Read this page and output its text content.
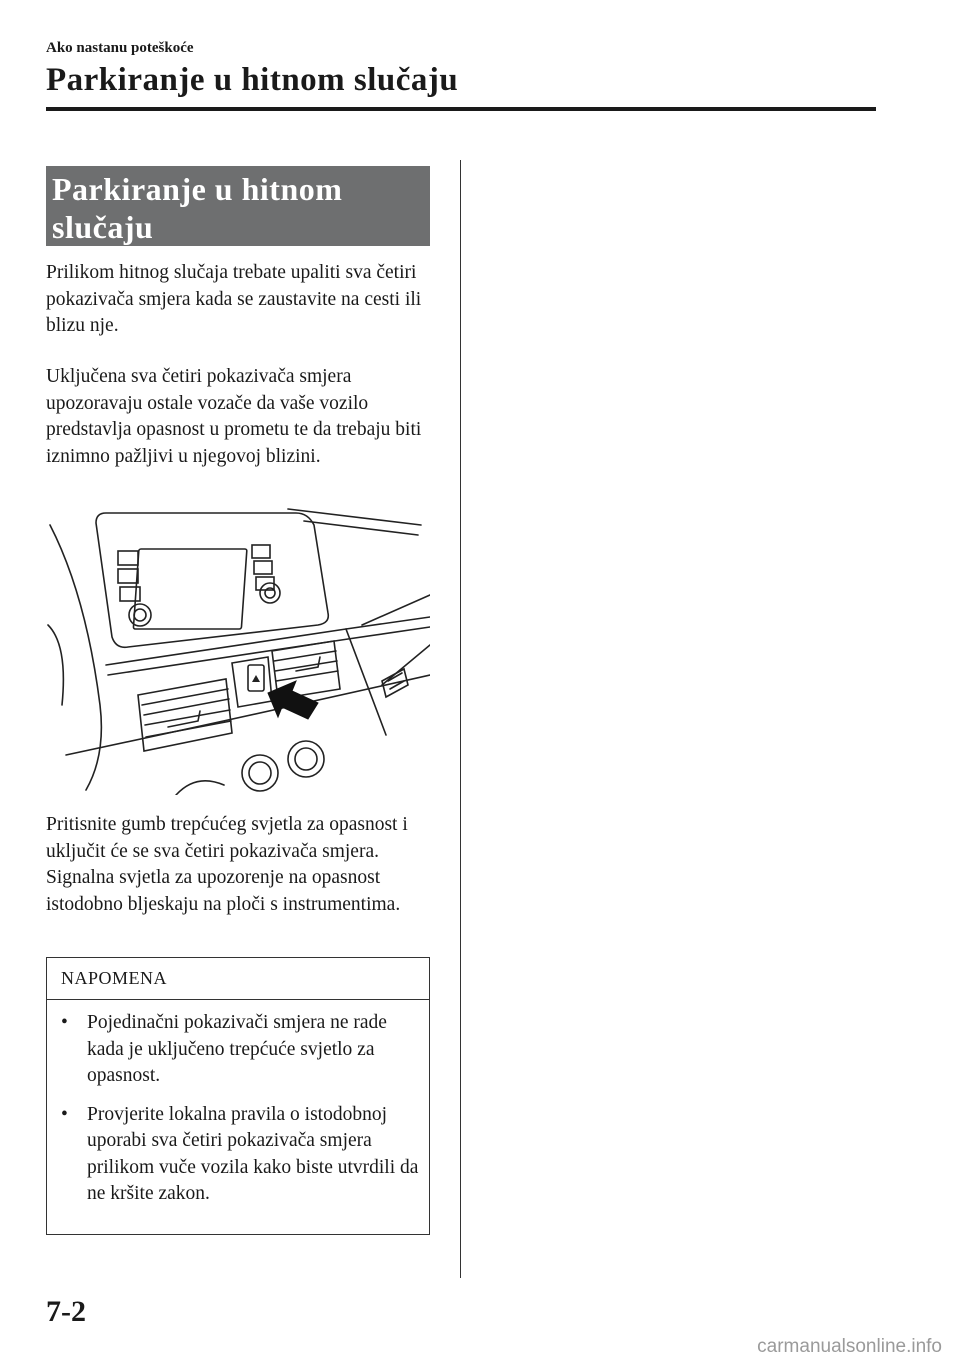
Ako nastanu poteškoće
Parkiranje u hitnom slučaju
Parkiranje u hitnom
slučaju

Prilikom hitnog slučaja trebate upaliti sva četiri pokazivača smjera kada se zaustavite na cesti ili blizu nje.

Uključena sva četiri pokazivača smjera upozoravaju ostale vozače da vaše vozilo predstavlja opasnost u prometu te da trebaju biti iznimno pažljivi u njegovoj blizini.

Pritisnite gumb trepćućeg svjetla za opasnost i uključit će se sva četiri pokazivača smjera. Signalna svjetla za upozorenje na opasnost istodobno bljeskaju na ploči s instrumentima.

NAPOMENA
• Pojedinačni pokazivači smjera ne rade kada je uključeno trepćuće svjetlo za opasnost.
• Provjerite lokalna pravila o istodobnoj uporabi sva četiri pokazivača smjera prilikom vuče vozila kako biste utvrdili da ne kršite zakon.
7-2
carmanualsonline.info
